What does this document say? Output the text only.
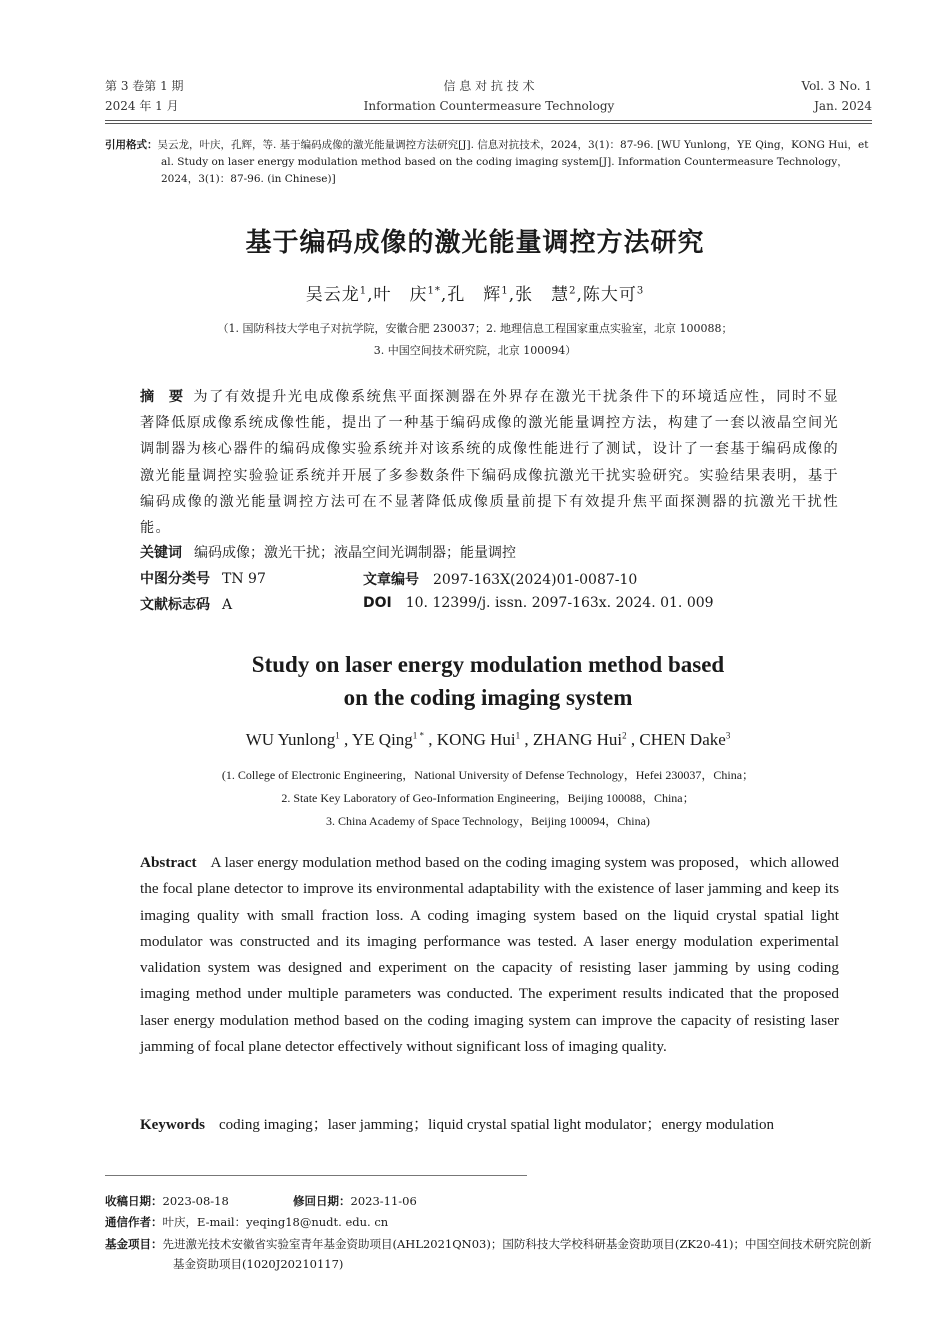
第 3 卷第 1 期
2024 年 1 月
信 息 对 抗 技 术
Information Countermeasure Technology
Vol. 3 No. 1
Jan. 2024
引用格式：吴云龙，叶庆，孔辉，等. 基于编码成像的激光能量调控方法研究[J]. 信息对抗技术，2024，3(1)：87-96. [WU Yunlong，YE Qing，KONG Hui，et al. Study on laser energy modulation method based on the coding imaging system[J]. Information Countermeasure Technology，2024，3(1)：87-96. (in Chinese)]
基于编码成像的激光能量调控方法研究
吴云龙$^1$,叶　庆$^{1*}$,孔　辉$^1$,张　慧$^2$,陈大可$^3$
（1. 国防科技大学电子对抗学院，安徽合肥 230037；2. 地理信息工程国家重点实验室，北京 100088；
3. 中国空间技术研究院，北京 100094）
摘　要 为了有效提升光电成像系统焦平面探测器在外界存在激光干扰条件下的环境适应性，同时不显著降低原成像系统成像性能，提出了一种基于编码成像的激光能量调控方法，构建了一套以液晶空间光调制器为核心器件的编码成像实验系统并对该系统的成像性能进行了测试，设计了一套基于编码成像的激光能量调控实验验证系统并开展了多参数条件下编码成像抗激光干扰实验研究。实验结果表明，基于编码成像的激光能量调控方法可在不显著降低成像质量前提下有效提升焦平面探测器的抗激光干扰性能。
关键词 编码成像；激光干扰；液晶空间光调制器；能量调控
中图分类号 TN 97	文章编号 2097-163X(2024)01-0087-10
文献标志码 A	DOI 10. 12399/j. issn. 2097-163x. 2024. 01. 009
Study on laser energy modulation method based
on the coding imaging system
WU Yunlong$^1$ , YE Qing$^{1 *}$ , KONG Hui$^1$ , ZHANG Hui$^2$ , CHEN Dake$^3$
(1. College of Electronic Engineering，National University of Defense Technology，Hefei 230037，China；
2. State Key Laboratory of Geo-Information Engineering，Beijing 100088，China；
3. China Academy of Space Technology，Beijing 100094，China)
Abstract A laser energy modulation method based on the coding imaging system was proposed，which allowed the focal plane detector to improve its environmental adaptability with the existence of laser jamming and keep its imaging quality with small fraction loss. A coding imaging system based on the liquid crystal spatial light modulator was constructed and its imaging performance was tested. A laser energy modulation experimental validation system was designed and experiment on the capacity of resisting laser jamming by using coding imaging method under multiple parameters was conducted. The experiment results indicated that the proposed laser energy modulation method based on the coding imaging system can improve the capacity of resisting laser jamming of focal plane detector effectively without significant loss of imaging quality.
Keywords coding imaging；laser jamming；liquid crystal spatial light modulator；energy modulation
收稿日期：2023-08-18	修回日期：2023-11-06
通信作者：叶庆，E-mail：yeqing18@nudt. edu. cn
基金项目：先进激光技术安徽省实验室青年基金资助项目(AHL2021QN03)；国防科技大学校科研基金资助项目(ZK20-41)；中国空间技术研究院创新基金资助项目(1020J20210117)
